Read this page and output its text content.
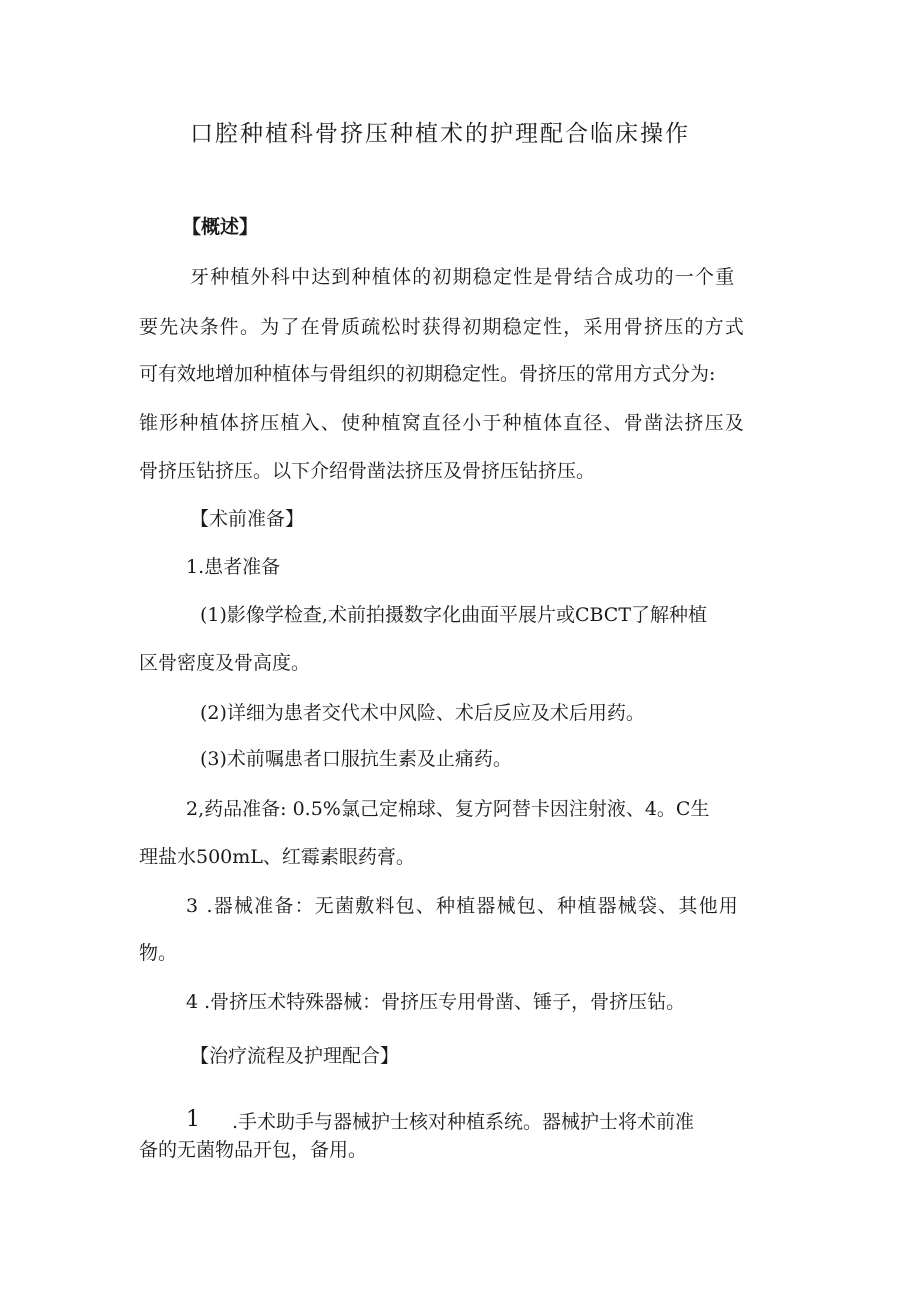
口腔种植科骨挤压种植术的护理配合临床操作
【概述】
牙种植外科中达到种植体的初期稳定性是骨结合成功的一个重
要先决条件。为了在骨质疏松时获得初期稳定性，采用骨挤压的方式
可有效地增加种植体与骨组织的初期稳定性。骨挤压的常用方式分为:
锥形种植体挤压植入、使种植窝直径小于种植体直径、骨凿法挤压及
骨挤压钻挤压。以下介绍骨凿法挤压及骨挤压钻挤压。
【术前准备】
1.患者准备
(1)影像学检查,术前拍摄数字化曲面平展片或CBCT了解种植
区骨密度及骨高度。
(2)详细为患者交代术中风险、术后反应及术后用药。
(3)术前嘱患者口服抗生素及止痛药。
2,药品准备: 0.5%氯己定棉球、复方阿替卡因注射液、4。C生
理盐水500mL、红霉素眼药膏。
3 .器械准备：无菌敷料包、种植器械包、种植器械袋、其他用
物。
4 .骨挤压术特殊器械：骨挤压专用骨凿、锤子，骨挤压钻。
【治疗流程及护理配合】
1 .手术助手与器械护士核对种植系统。器械护士将术前准
备的无菌物品开包，备用。
